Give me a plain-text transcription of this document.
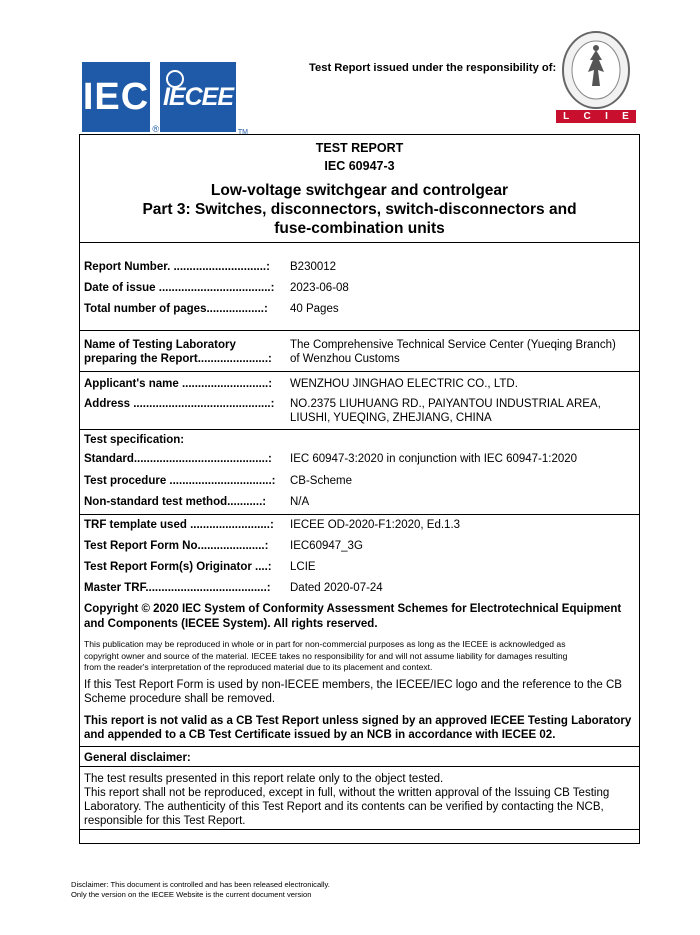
IEC
®
IECEE
TM
Test Report issued under the responsibility of:
L C I E
TEST REPORT
IEC 60947-3
Low-voltage switchgear and controlgear
Part 3: Switches, disconnectors, switch-disconnectors and
fuse-combination units
Report Number. .............................:	B230012
Date of issue ...................................:	2023-06-08
Total number of pages..................:	40 Pages
Name of Testing Laboratory
preparing the Report......................:
The Comprehensive Technical Service Center (Yueqing Branch)
of Wenzhou Customs
Applicant's name ...........................:	WENZHOU JINGHAO ELECTRIC CO., LTD.
Address ...........................................:	NO.2375 LIUHUANG RD., PAIYANTOU INDUSTRIAL AREA,
LIUSHI, YUEQING, ZHEJIANG, CHINA
Test specification:
Standard..........................................:	IEC 60947-3:2020 in conjunction with IEC 60947-1:2020
Test procedure ................................:	CB-Scheme
Non-standard test method...........:	N/A
TRF template used .........................:	IECEE OD-2020-F1:2020, Ed.1.3
Test Report Form No.....................:	IEC60947_3G
Test Report Form(s) Originator ....:	LCIE
Master TRF......................................:	Dated 2020-07-24
Copyright © 2020 IEC System of Conformity Assessment Schemes for Electrotechnical Equipment
and Components (IECEE System). All rights reserved.
This publication may be reproduced in whole or in part for non-commercial purposes as long as the IECEE is acknowledged as
copyright owner and source of the material. IECEE takes no responsibility for and will not assume liability for damages resulting
from the reader's interpretation of the reproduced material due to its placement and context.
If this Test Report Form is used by non-IECEE members, the IECEE/IEC logo and the reference to the CB
Scheme procedure shall be removed.
This report is not valid as a CB Test Report unless signed by an approved IECEE Testing Laboratory
and appended to a CB Test Certificate issued by an NCB in accordance with IECEE 02.
General disclaimer:
The test results presented in this report relate only to the object tested.
This report shall not be reproduced, except in full, without the written approval of the Issuing CB Testing
Laboratory. The authenticity of this Test Report and its contents can be verified by contacting the NCB,
responsible for this Test Report.
Disclaimer: This document is controlled and has been released electronically.
Only the version on the IECEE Website is the current document version
